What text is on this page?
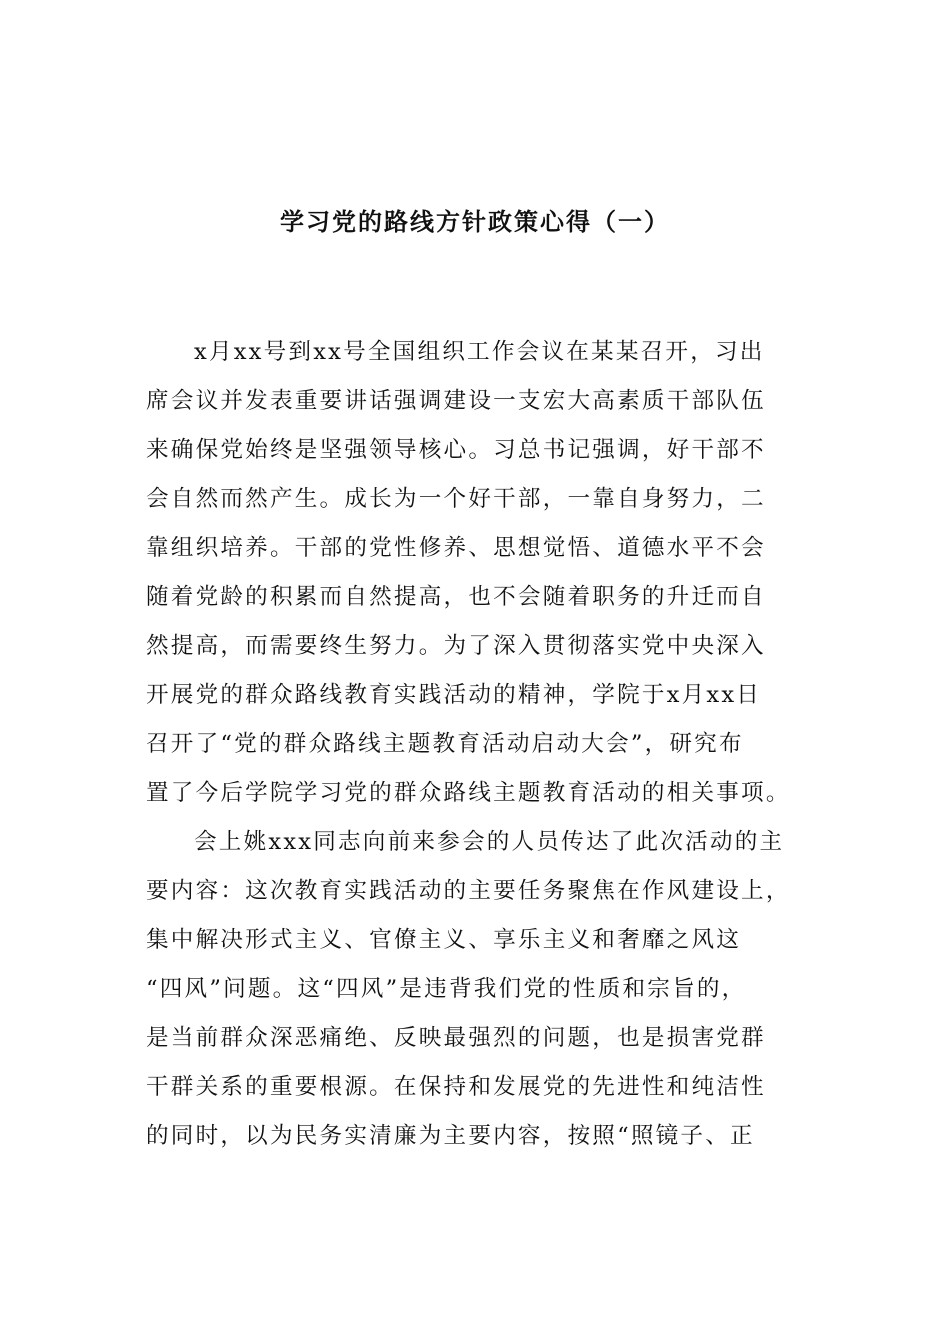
学习党的路线方针政策心得（一）
x月xx号到xx号全国组织工作会议在某某召开，习出
席会议并发表重要讲话强调建设一支宏大高素质干部队伍
来确保党始终是坚强领导核心。习总书记强调，好干部不
会自然而然产生。成长为一个好干部，一靠自身努力，二
靠组织培养。干部的党性修养、思想觉悟、道德水平不会
随着党龄的积累而自然提高，也不会随着职务的升迁而自
然提高，而需要终生努力。为了深入贯彻落实党中央深入
开展党的群众路线教育实践活动的精神，学院于x月xx日
召开了“党的群众路线主题教育活动启动大会”，研究布
置了今后学院学习党的群众路线主题教育活动的相关事项。
会上姚xxx同志向前来参会的人员传达了此次活动的主
要内容：这次教育实践活动的主要任务聚焦在作风建设上，
集中解决形式主义、官僚主义、享乐主义和奢靡之风这
“四风”问题。这“四风”是违背我们党的性质和宗旨的，
是当前群众深恶痛绝、反映最强烈的问题，也是损害党群
干群关系的重要根源。在保持和发展党的先进性和纯洁性
的同时，以为民务实清廉为主要内容，按照“照镜子、正
